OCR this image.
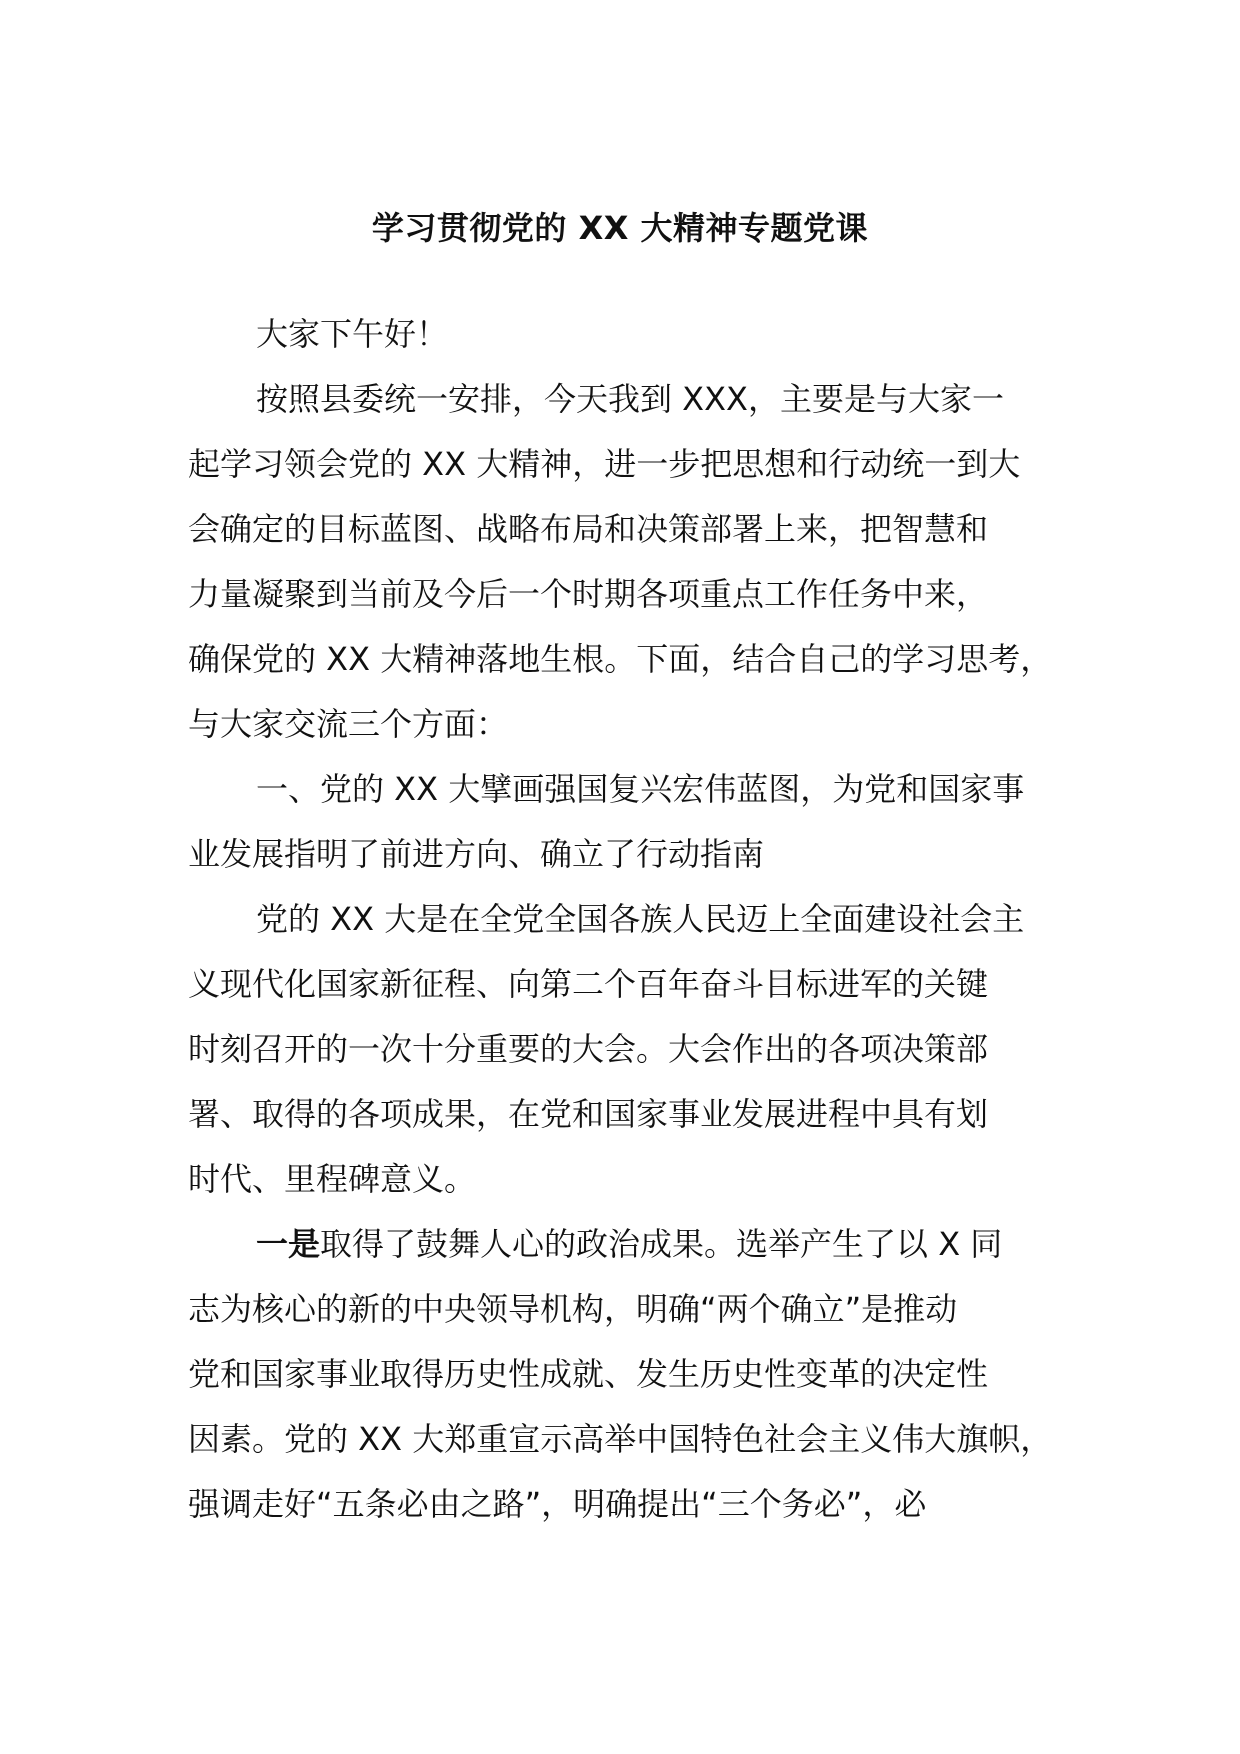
学习贯彻党的 XX 大精神专题党课
大家下午好！
按照县委统一安排，今天我到 XXX，主要是与大家一
起学习领会党的 XX 大精神，进一步把思想和行动统一到大
会确定的目标蓝图、战略布局和决策部署上来，把智慧和
力量凝聚到当前及今后一个时期各项重点工作任务中来，
确保党的 XX 大精神落地生根。下面，结合自己的学习思考，
与大家交流三个方面：
一、党的 XX 大擘画强国复兴宏伟蓝图，为党和国家事
业发展指明了前进方向、确立了行动指南
党的 XX 大是在全党全国各族人民迈上全面建设社会主
义现代化国家新征程、向第二个百年奋斗目标进军的关键
时刻召开的一次十分重要的大会。大会作出的各项决策部
署、取得的各项成果，在党和国家事业发展进程中具有划
时代、里程碑意义。
一是取得了鼓舞人心的政治成果。选举产生了以 X 同
志为核心的新的中央领导机构，明确“两个确立”是推动
党和国家事业取得历史性成就、发生历史性变革的决定性
因素。党的 XX 大郑重宣示高举中国特色社会主义伟大旗帜，
强调走好“五条必由之路”，明确提出“三个务必”，必
